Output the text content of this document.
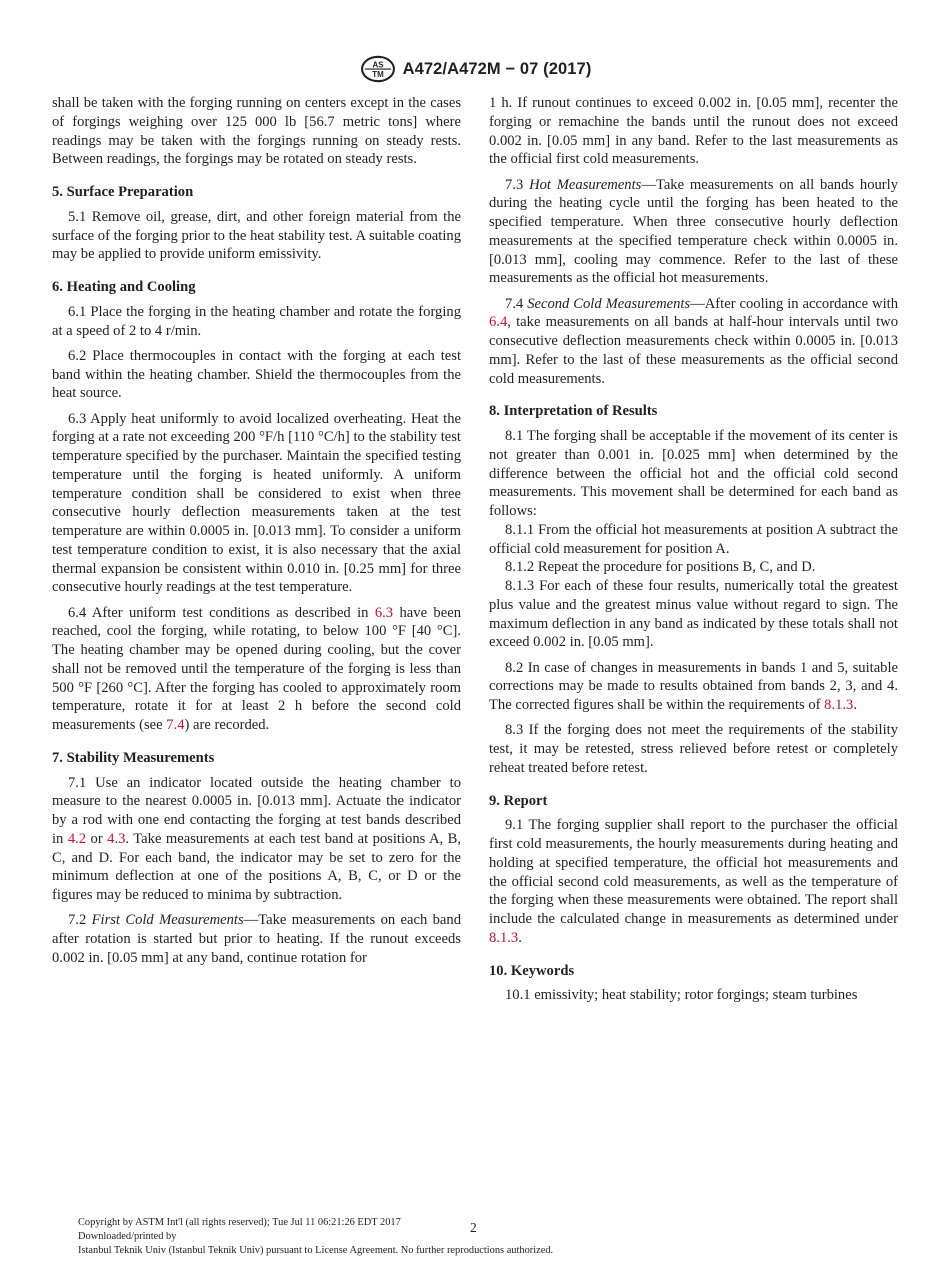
AS
TM A472/A472M − 07 (2017)

shall be taken with the forging running on centers except in the cases of forgings weighing over 125 000 lb [56.7 metric tons] where readings may be taken with the forgings running on steady rests. Between readings, the forgings may be rotated on steady rests.

5. Surface Preparation

5.1 Remove oil, grease, dirt, and other foreign material from the surface of the forging prior to the heat stability test. A suitable coating may be applied to provide uniform emissivity.

6. Heating and Cooling

6.1 Place the forging in the heating chamber and rotate the forging at a speed of 2 to 4 r/min.

6.2 Place thermocouples in contact with the forging at each test band within the heating chamber. Shield the thermocouples from the heat source.

6.3 Apply heat uniformly to avoid localized overheating. Heat the forging at a rate not exceeding 200 °F/h [110 °C/h] to the stability test temperature specified by the purchaser. Maintain the specified testing temperature until the forging is heated uniformly. A uniform temperature condition shall be considered to exist when three consecutive hourly deflection measurements taken at the test temperature are within 0.0005 in. [0.013 mm]. To consider a uniform test temperature condition to exist, it is also necessary that the axial thermal expansion be consistent within 0.010 in. [0.25 mm] for three consecutive hourly readings at the test temperature.

6.4 After uniform test conditions as described in 6.3 have been reached, cool the forging, while rotating, to below 100 °F [40 °C]. The heating chamber may be opened during cooling, but the cover shall not be removed until the temperature of the forging is less than 500 °F [260 °C]. After the forging has cooled to approximately room temperature, rotate it for at least 2 h before the second cold measurements (see 7.4) are recorded.

7. Stability Measurements

7.1 Use an indicator located outside the heating chamber to measure to the nearest 0.0005 in. [0.013 mm]. Actuate the indicator by a rod with one end contacting the forging at test bands described in 4.2 or 4.3. Take measurements at each test band at positions A, B, C, and D. For each band, the indicator may be set to zero for the minimum deflection at one of the positions A, B, C, or D or the figures may be reduced to minima by subtraction.

7.2 First Cold Measurements—Take measurements on each band after rotation is started but prior to heating. If the runout exceeds 0.002 in. [0.05 mm] at any band, continue rotation for

1 h. If runout continues to exceed 0.002 in. [0.05 mm], recenter the forging or remachine the bands until the runout does not exceed 0.002 in. [0.05 mm] in any band. Refer to the last measurements as the official first cold measurements.

7.3 Hot Measurements—Take measurements on all bands hourly during the heating cycle until the forging has been heated to the specified temperature. When three consecutive hourly deflection measurements at the specified temperature check within 0.0005 in. [0.013 mm], cooling may commence. Refer to the last of these measurements as the official hot measurements.

7.4 Second Cold Measurements—After cooling in accordance with 6.4, take measurements on all bands at half-hour intervals until two consecutive deflection measurements check within 0.0005 in. [0.013 mm]. Refer to the last of these measurements as the official second cold measurements.

8. Interpretation of Results

8.1 The forging shall be acceptable if the movement of its center is not greater than 0.001 in. [0.025 mm] when determined by the difference between the official hot and the official cold second measurements. This movement shall be determined for each band as follows:

8.1.1 From the official hot measurements at position A subtract the official cold measurement for position A.

8.1.2 Repeat the procedure for positions B, C, and D.

8.1.3 For each of these four results, numerically total the greatest plus value and the greatest minus value without regard to sign. The maximum deflection in any band as indicated by these totals shall not exceed 0.002 in. [0.05 mm].

8.2 In case of changes in measurements in bands 1 and 5, suitable corrections may be made to results obtained from bands 2, 3, and 4. The corrected figures shall be within the requirements of 8.1.3.

8.3 If the forging does not meet the requirements of the stability test, it may be retested, stress relieved before retest or completely reheat treated before retest.

9. Report

9.1 The forging supplier shall report to the purchaser the official first cold measurements, the hourly measurements during heating and holding at specified temperature, the official hot measurements and the official second cold measurements, as well as the temperature of the forging when these measurements were obtained. The report shall include the calculated change in measurements as determined under 8.1.3.

10. Keywords

10.1 emissivity; heat stability; rotor forgings; steam turbines

2
Copyright by ASTM Int'l (all rights reserved); Tue Jul 11 06:21:26 EDT 2017
Downloaded/printed by
Istanbul Teknik Univ (Istanbul Teknik Univ) pursuant to License Agreement. No further reproductions authorized.
